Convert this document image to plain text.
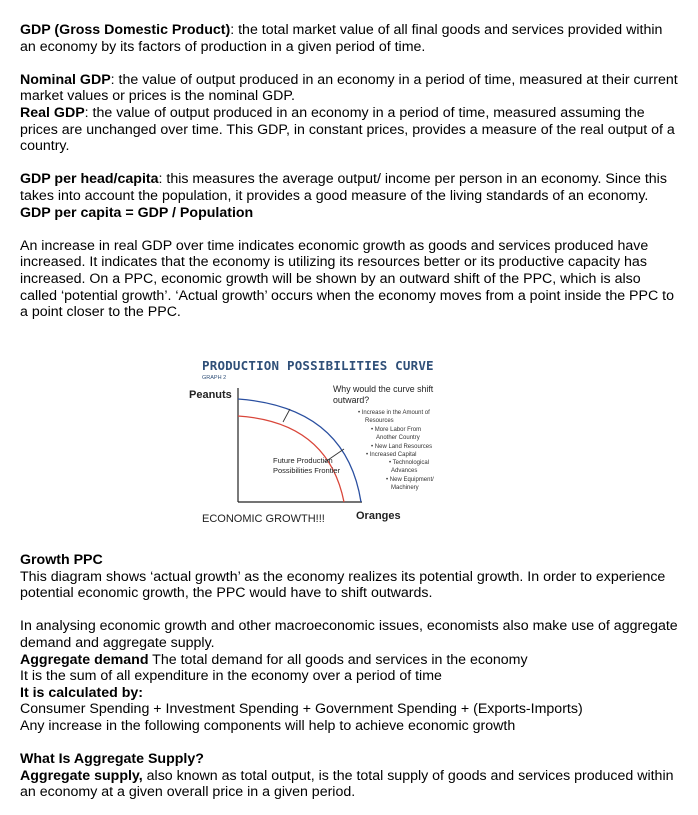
GDP (Gross Domestic Product): the total market value of all final goods and services provided within an economy by its factors of production in a given period of time.

Nominal GDP: the value of output produced in an economy in a period of time, measured at their current market values or prices is the nominal GDP.

Real GDP: the value of output produced in an economy in a period of time, measured assuming the prices are unchanged over time. This GDP, in constant prices, provides a measure of the real output of a country.

GDP per head/capita: this measures the average output/ income per person in an economy. Since this takes into account the population, it provides a good measure of the living standards of an economy.

GDP per capita = GDP / Population

An increase in real GDP over time indicates economic growth as goods and services produced have increased. It indicates that the economy is utilizing its resources better or its productive capacity has increased. On a PPC, economic growth will be shown by an outward shift of the PPC, which is also called ‘potential growth’. ‘Actual growth’ occurs when the economy moves from a point inside the PPC to a point closer to the PPC.

PRODUCTION POSSIBILITIES CURVE
GRAPH 2
Peanuts
Oranges
ECONOMIC GROWTH!!!
Future Production
Possibilities Frontier
Why would the curve shift
outward?
• Increase in the Amount of
Resources
• More Labor From
Another Country
• New Land Resources
• Increased Capital
• Technological
Advances
• New Equipment/
Machinery

Growth PPC

This diagram shows ‘actual growth’ as the economy realizes its potential growth. In order to experience potential economic growth, the PPC would have to shift outwards.

In analysing economic growth and other macroeconomic issues, economists also make use of aggregate demand and aggregate supply.

Aggregate demand The total demand for all goods and services in the economy

It is the sum of all expenditure in the economy over a period of time

It is calculated by:

Consumer Spending + Investment Spending + Government Spending + (Exports-Imports)

Any increase in the following components will help to achieve economic growth

What Is Aggregate Supply?

Aggregate supply, also known as total output, is the total supply of goods and services produced within an economy at a given overall price in a given period.
